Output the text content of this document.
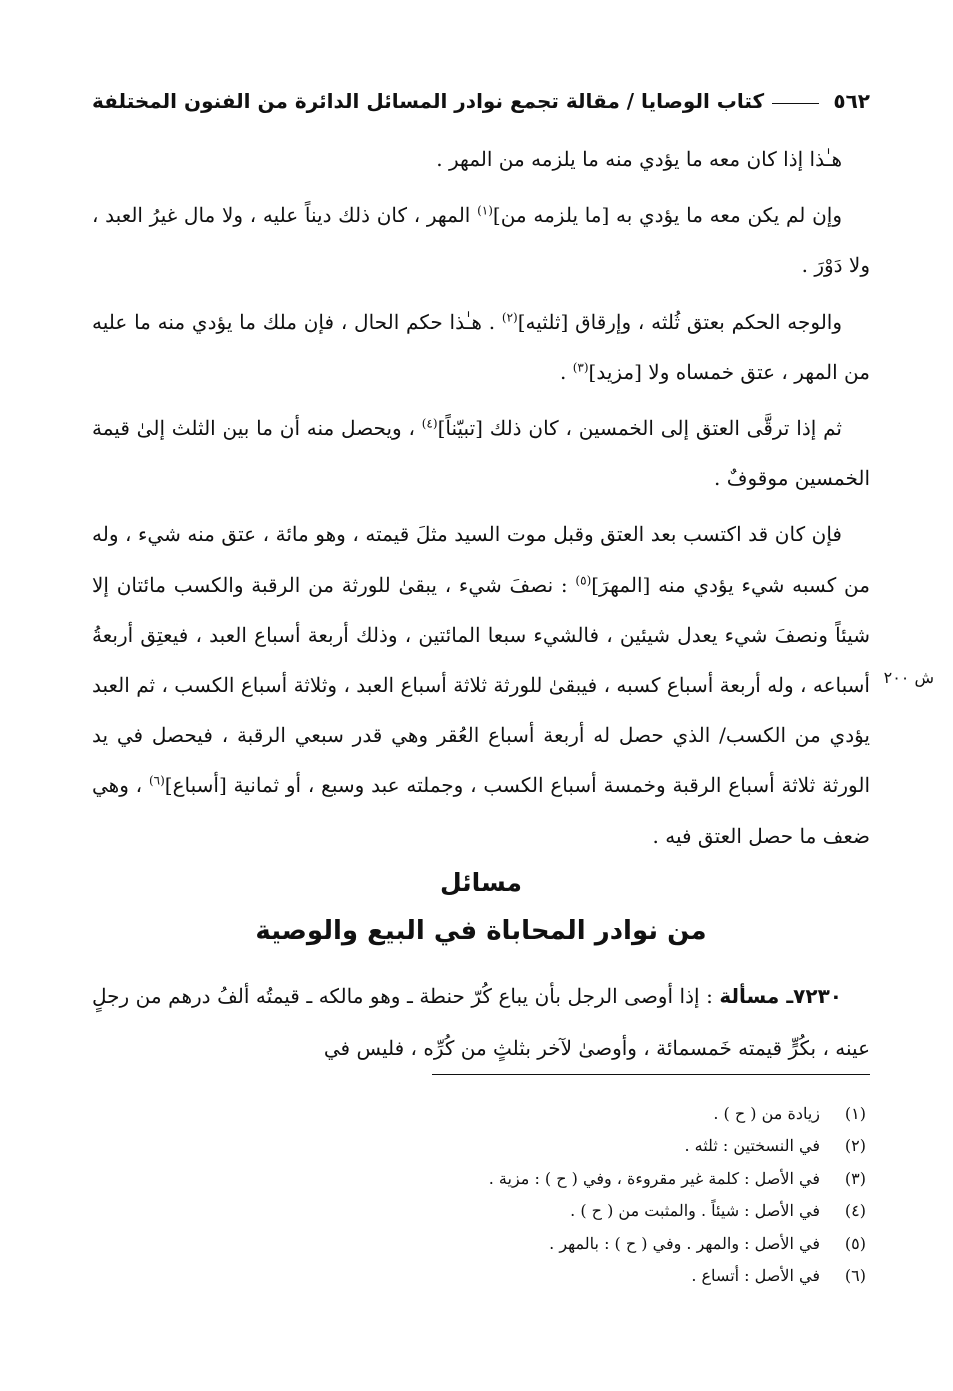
٥٦٢
كتاب الوصايا / مقالة تجمع نوادر المسائل الدائرة من الفنون المختلفة

هـٰذا إذا كان معه ما يؤدي منه ما يلزمه من المهر .

وإن لم يكن معه ما يؤدي به [ما يلزمه من]$^{(١)}$ المهر ، كان ذلك ديناً عليه ، ولا مال غيرُ العبد ، ولا دَوْرَ .

والوجه الحكم بعتق ثُلثه ، وإرقاق [ثلثيه]$^{(٢)}$ . هـٰذا حكم الحال ، فإن ملك ما يؤدي منه ما عليه من المهر ، عتق خمساه ولا [مزيد]$^{(٣)}$ .

ثم إذا ترقَّى العتق إلى الخمسين ، كان ذلك [تبيّناً]$^{(٤)}$ ، ويحصل منه أن ما بين الثلث إلىٰ قيمة الخمسين موقوفٌ .

فإن كان قد اكتسب بعد العتق وقبل موت السيد مثلَ قيمته ، وهو مائة ، عتق منه شيء ، وله من كسبه شيء يؤدي منه [المهرَ]$^{(٥)}$ : نصفَ شيء ، يبقىٰ للورثة من الرقبة والكسب مائتان إلا شيئاً ونصفَ شيء يعدل شيئين ، فالشيء سبعا المائتين ، وذلك أربعة أسباع العبد ، فيعتِق أربعةُ أسباعه ، وله أربعة أسباع كسبه ، فيبقىٰ للورثة ثلاثة أسباع العبد ، وثلاثة أسباع الكسب ، ثم العبد يؤدي من الكسب/ الذي حصل له أربعة أسباع العُقر وهي قدر سبعي الرقبة ، فيحصل في يد الورثة ثلاثة أسباع الرقبة وخمسة أسباع الكسب ، وجملته عبد وسبع ، أو ثمانية [أسباع]$^{(٦)}$ ، وهي ضعف ما حصل العتق فيه .

ش ٢٠٠
مسائل
من نوادر المحاباة في البيع والوصية

٧٢٣٠ـ مسألة : إذا أوصى الرجل بأن يباع كُرّ حنطة ـ وهو مالكه ـ قيمتُه ألفُ درهم من رجلٍ عينه ، بكُرٍّ قيمته خَمسمائة ، وأوصىٰ لآخر بثلثٍ من كُرِّه ، فليس في

(١)
زيادة من ( ح ) .
(٢)
في النسختين : ثلثه .
(٣)
في الأصل : كلمة غير مقروءة ، وفي ( ح ) : مزية .
(٤)
في الأصل : شيئاً . والمثبت من ( ح ) .
(٥)
في الأصل : والمهر . وفي ( ح ) : بالمهر .
(٦)
في الأصل : أتساع .
